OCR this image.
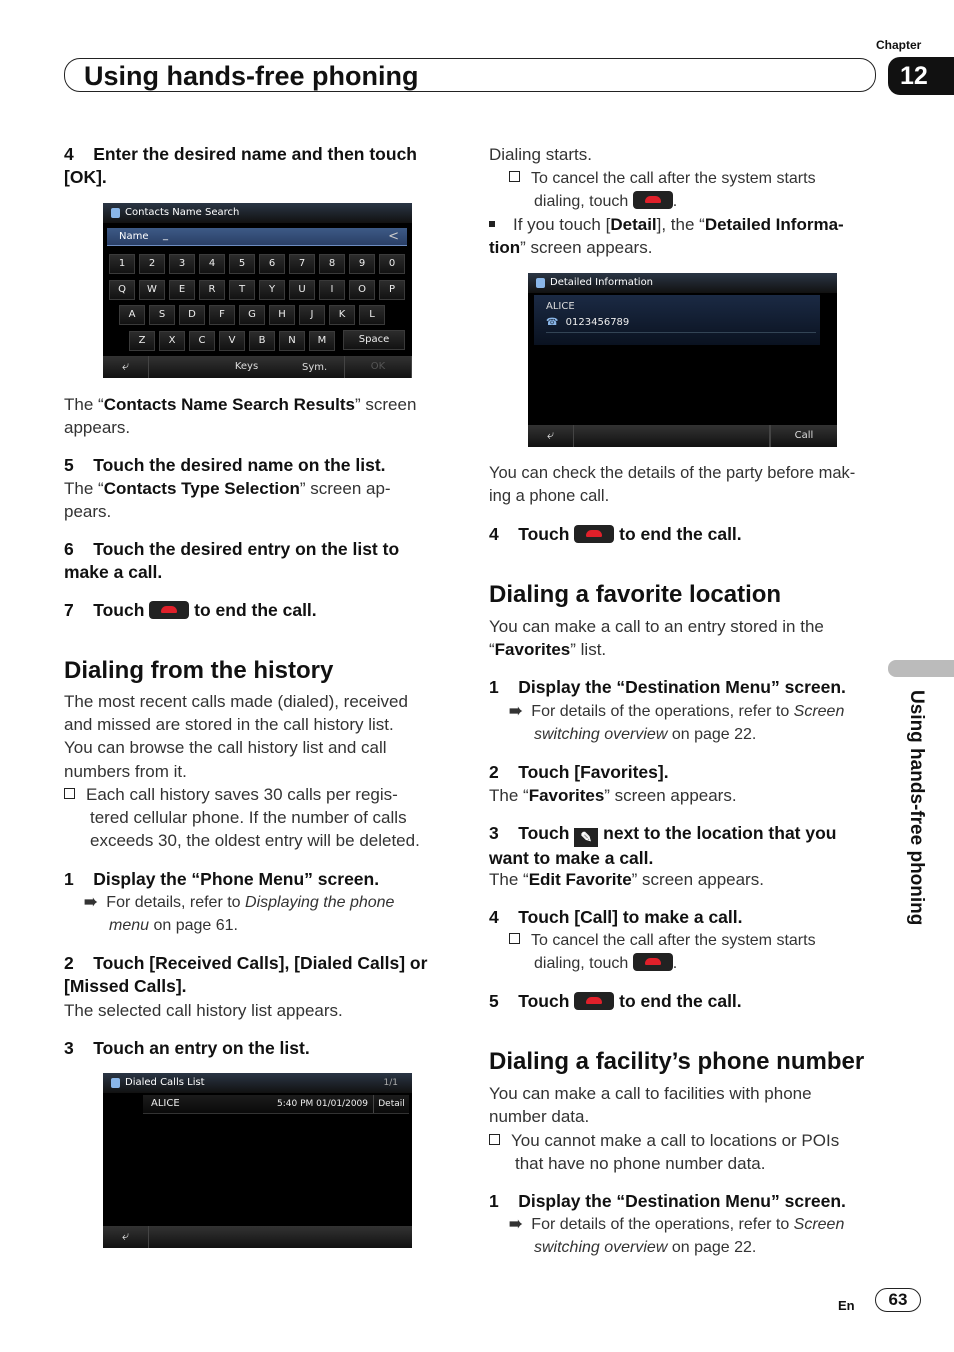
Chapter
Using hands-free phoning	12
Using hands-free phoning
4 Enter the desired name and then touch
[OK].
Contacts Name Search
Name _	<
1	2	3	4	5	6	7	8	9	0
Q	W	E	R	T	Y	U	I	O	P
A	S	D	F	G	H	J	K	L
Z	X	C	V	B	N	M	Space
⤶	Keys	Sym.	OK
The “Contacts Name Search Results” screen
appears.
5 Touch the desired name on the list.
The “Contacts Type Selection” screen ap-
pears.
6 Touch the desired entry on the list to
make a call.
7 Touch	to end the call.
Dialing from the history
The most recent calls made (dialed), received
and missed are stored in the call history list.
You can browse the call history list and call
numbers from it.
Each call history saves 30 calls per regis-
tered cellular phone. If the number of calls
exceeds 30, the oldest entry will be deleted.
1 Display the “Phone Menu” screen.
➠ For details, refer to Displaying the phone
menu on page 61.
2 Touch [Received Calls], [Dialed Calls] or
[Missed Calls].
The selected call history list appears.
3 Touch an entry on the list.
Dialed Calls List	1/1
ALICE	5:40 PM 01/01/2009	Detail
⤶
Dialing starts.
To cancel the call after the system starts
dialing, touch	.
If you touch [Detail], the “Detailed Informa-
tion” screen appears.
Detailed Information
ALICE
☎ 0123456789
⤶	Call
You can check the details of the party before mak-
ing a phone call.
4 Touch	to end the call.
Dialing a favorite location
You can make a call to an entry stored in the
“Favorites” list.
1 Display the “Destination Menu” screen.
➠ For details of the operations, refer to Screen
switching overview on page 22.
2 Touch [Favorites].
The “Favorites” screen appears.
3 Touch ✎ next to the location that you
want to make a call.
The “Edit Favorite” screen appears.
4 Touch [Call] to make a call.
To cancel the call after the system starts
dialing, touch	.
5 Touch	to end the call.
Dialing a facility’s phone number
You can make a call to facilities with phone
number data.
You cannot make a call to locations or POIs
that have no phone number data.
1 Display the “Destination Menu” screen.
➠ For details of the operations, refer to Screen
switching overview on page 22.
En	63
